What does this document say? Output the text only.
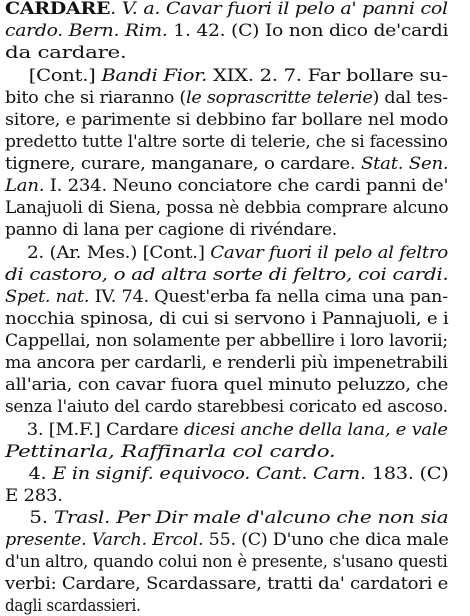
CARDARE. V. a. Cavar fuori il pelo a' panni col
cardo. Bern. Rim. 1. 42. (C) Io non dico de'cardi
da cardare.
[Cont.] Bandi Fior. XIX. 2. 7. Far bollare su-
bito che si riaranno (le soprascritte telerie) dal tes-
sitore, e parimente si debbino far bollare nel modo
predetto tutte l'altre sorte di telerie, che si facessino
tignere, curare, manganare, o cardare. Stat. Sen.
Lan. I. 234. Neuno conciatore che cardi panni de'
Lanajuoli di Siena, possa nè debbia comprare alcuno
panno di lana per cagione di rivéndare.
2. (Ar. Mes.) [Cont.] Cavar fuori il pelo al feltro
di castoro, o ad altra sorte di feltro, coi cardi.
Spet. nat. IV. 74. Quest'erba fa nella cima una pan-
nocchia spinosa, di cui si servono i Pannajuoli, e i
Cappellai, non solamente per abbellire i loro lavorii;
ma ancora per cardarli, e renderli più impenetrabili
all'aria, con cavar fuora quel minuto peluzzo, che
senza l'aiuto del cardo starebbesi coricato ed ascoso.
3. [M.F.] Cardare dicesi anche della lana, e vale
Pettinarla, Raffinarla col cardo.
4. E in signif. equivoco. Cant. Carn. 183. (C)
E 283.
5. Trasl. Per Dir male d'alcuno che non sia
presente. Varch. Ercol. 55. (C) D'uno che dica male
d'un altro, quando colui non è presente, s'usano questi
verbi: Cardare, Scardassare, tratti da' cardatori e
dagli scardassieri.
